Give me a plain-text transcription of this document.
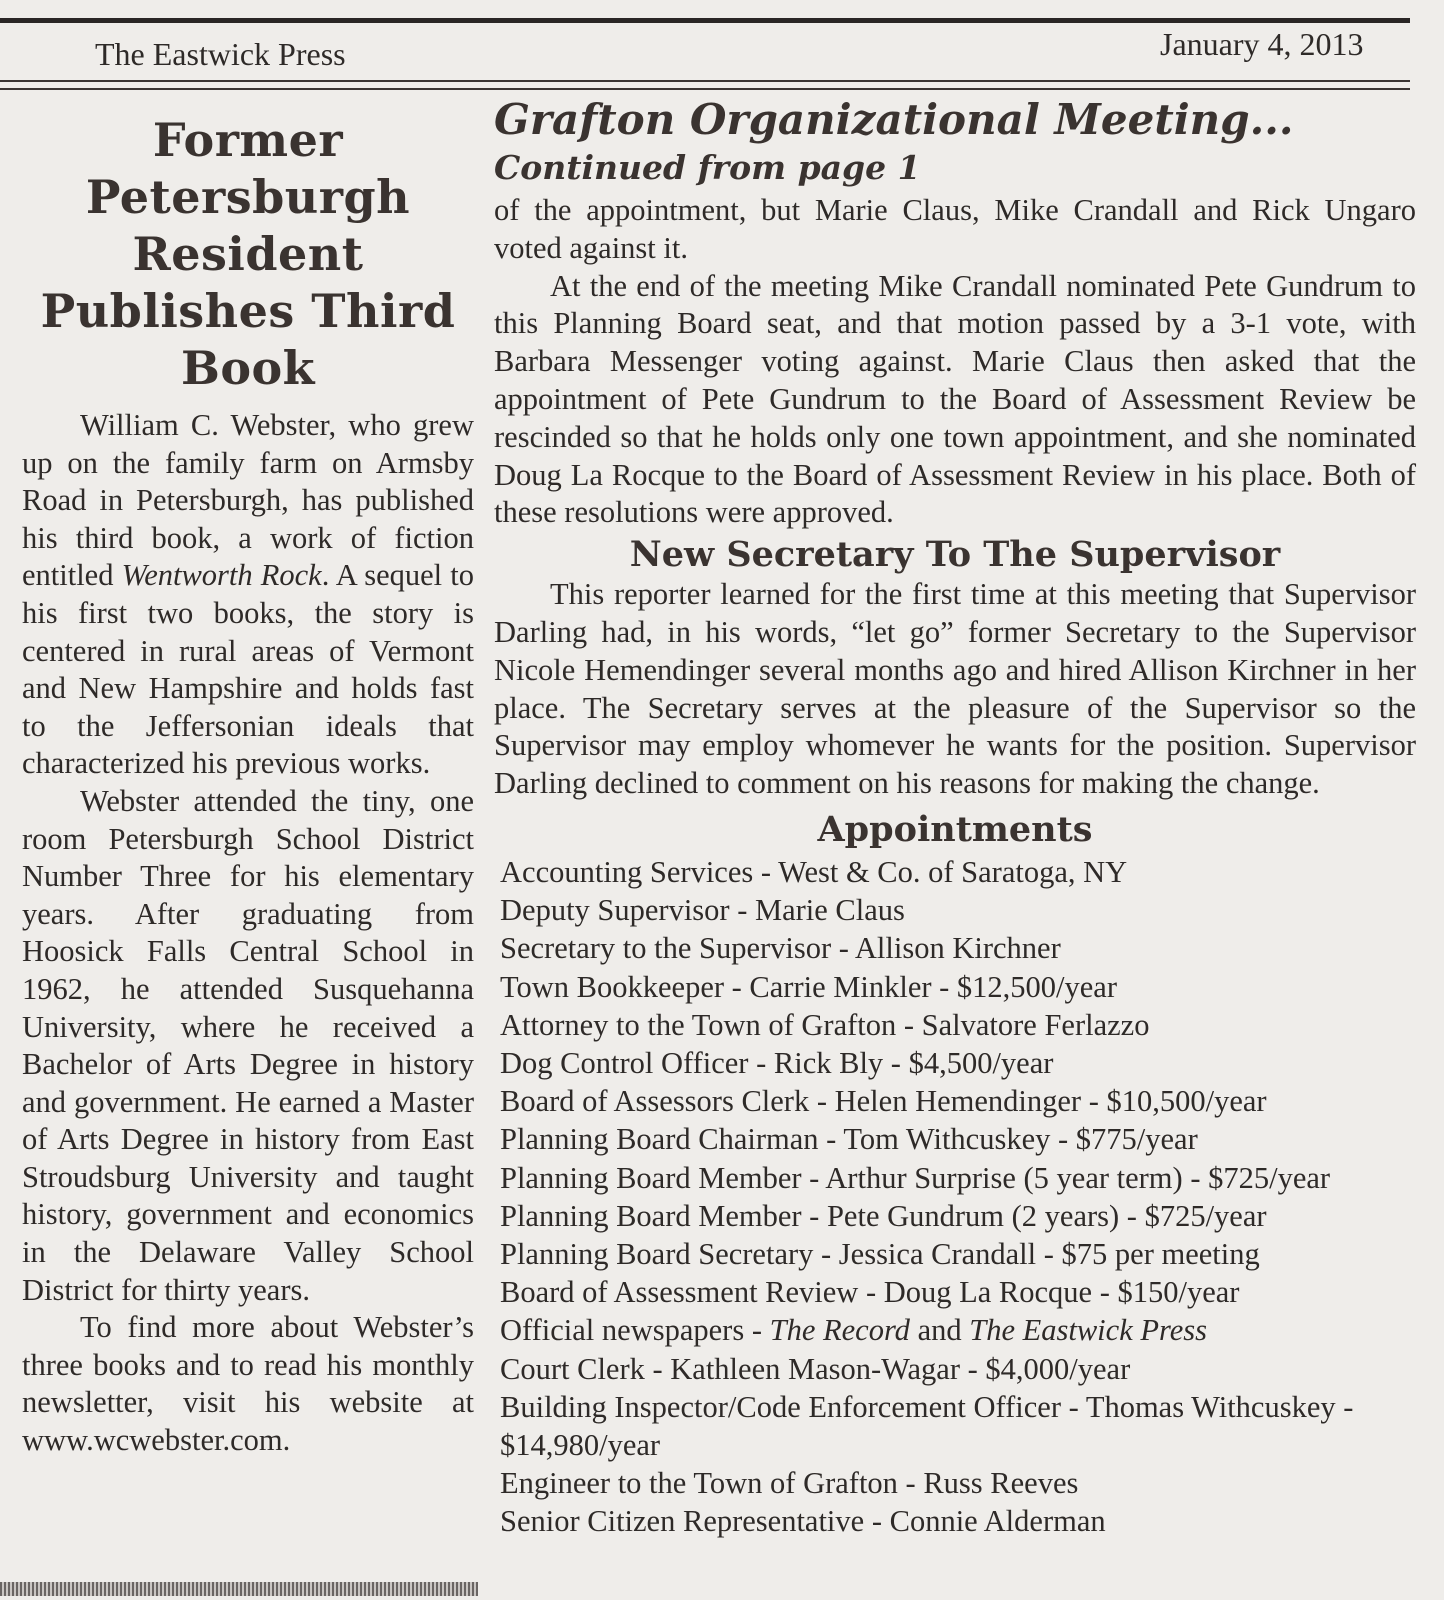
The Eastwick Press	January 4, 2013
Former Petersburgh Resident Publishes Third Book

William C. Webster, who grew up on the family farm on Armsby Road in Petersburgh, has published his third book, a work of fiction entitled Wentworth Rock. A sequel to his first two books, the story is centered in rural areas of Vermont and New Hampshire and holds fast to the Jeffersonian ideals that characterized his previous works.

Webster attended the tiny, one room Petersburgh School District Number Three for his elementary years. After graduating from Hoosick Falls Central School in 1962, he attended Susquehanna University, where he received a Bachelor of Arts Degree in history and government. He earned a Master of Arts Degree in history from East Stroudsburg University and taught history, government and economics in the Delaware Valley School District for thirty years.

To find more about Webster’s three books and to read his monthly newsletter, visit his website at www.wcwebster.com.

Grafton Organizational Meeting...
Continued from page 1

of the appointment, but Marie Claus, Mike Crandall and Rick Ungaro voted against it.

At the end of the meeting Mike Crandall nominated Pete Gundrum to this Planning Board seat, and that motion passed by a 3-1 vote, with Barbara Messenger voting against. Marie Claus then asked that the appointment of Pete Gundrum to the Board of Assessment Review be rescinded so that he holds only one town appointment, and she nominated Doug La Rocque to the Board of Assessment Review in his place. Both of these resolutions were approved.

New Secretary To The Supervisor

This reporter learned for the first time at this meeting that Supervisor Darling had, in his words, “let go” former Secretary to the Supervisor Nicole Hemendinger several months ago and hired Allison Kirchner in her place. The Secretary serves at the pleasure of the Supervisor so the Supervisor may employ whomever he wants for the position. Supervisor Darling declined to comment on his reasons for making the change.

Appointments
Accounting Services - West & Co. of Saratoga, NY
Deputy Supervisor - Marie Claus
Secretary to the Supervisor - Allison Kirchner
Town Bookkeeper - Carrie Minkler - $12,500/year
Attorney to the Town of Grafton - Salvatore Ferlazzo
Dog Control Officer - Rick Bly - $4,500/year
Board of Assessors Clerk - Helen Hemendinger - $10,500/year
Planning Board Chairman - Tom Withcuskey - $775/year
Planning Board Member - Arthur Surprise (5 year term) - $725/year
Planning Board Member - Pete Gundrum (2 years) - $725/year
Planning Board Secretary - Jessica Crandall - $75 per meeting
Board of Assessment Review - Doug La Rocque - $150/year
Official newspapers - The Record and The Eastwick Press
Court Clerk - Kathleen Mason-Wagar - $4,000/year
Building Inspector/Code Enforcement Officer - Thomas Withcuskey - $14,980/year
Engineer to the Town of Grafton - Russ Reeves
Senior Citizen Representative - Connie Alderman
